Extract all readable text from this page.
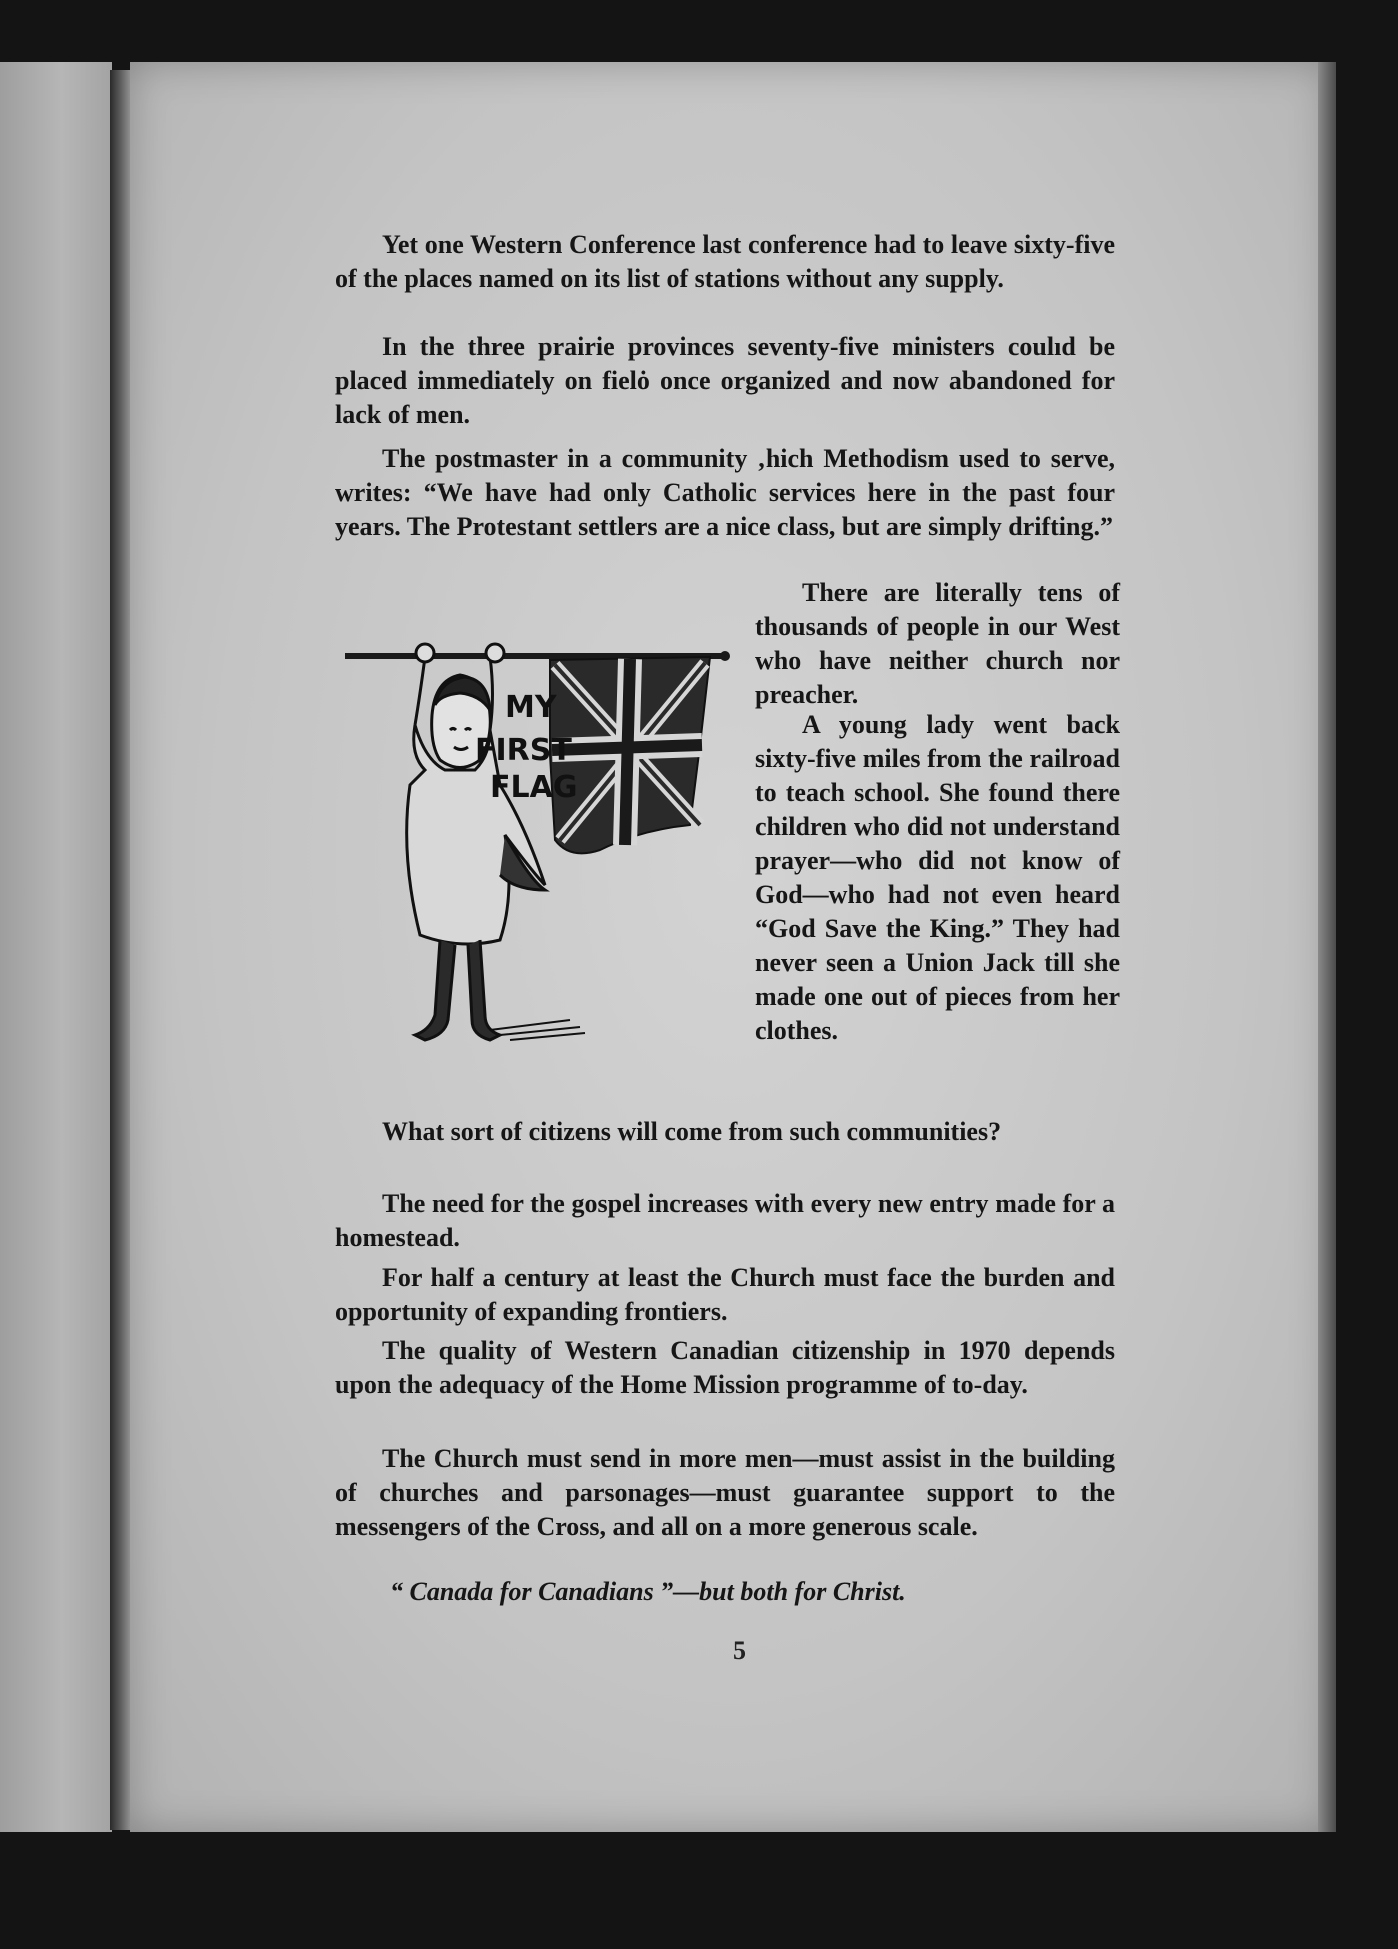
Yet one Western Conference last conference had to leave sixty-five of the places named on its list of stations without any supply.

In the three prairie provinces seventy-five ministers coulıd be placed immediately on fielȯ once organized and now abandoned for lack of men.

The postmaster in a community ‚hich Methodism used to serve, writes: “We have had only Catholic services here in the past four years. The Protestant settlers are a nice class, but are simply drifting.”

There are literally tens of thousands of people in our West who have neither church nor preacher.

A young lady went back sixty-five miles from the railroad to teach school. She found there children who did not understand prayer—who did not know of God—who had not even heard “God Save the King.” They had never seen a Union Jack till she made one out of pieces from her clothes.

What sort of citizens will come from such communities?

The need for the gospel increases with every new entry made for a homestead.

For half a century at least the Church must face the burden and opportunity of expanding frontiers.

The quality of Western Canadian citizenship in 1970 depends upon the adequacy of the Home Mission programme of to-day.

The Church must send in more men—must assist in the building of churches and parsonages—must guarantee support to the messengers of the Cross, and all on a more generous scale.

“ Canada for Canadians ”—but both for Christ.

5
MY
FIRST
FLAG
